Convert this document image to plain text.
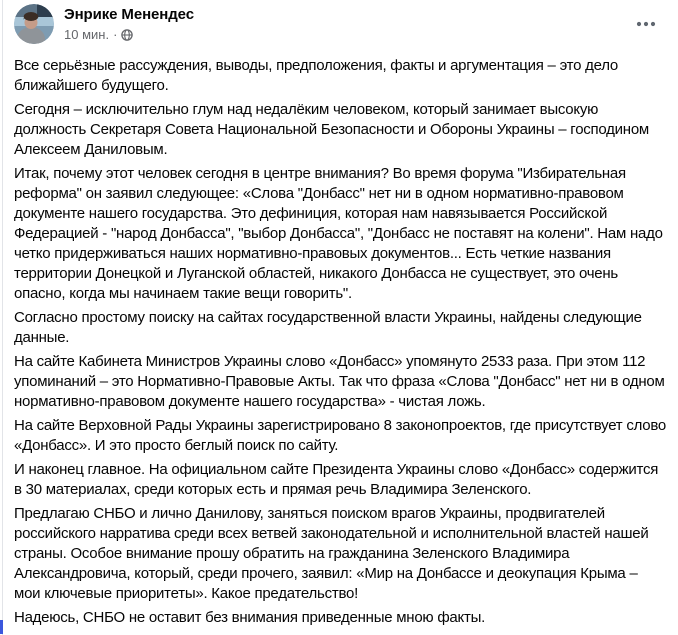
Энрике Менендес
10 мин. ·

Все серьёзные рассуждения, выводы, предположения, факты и аргументация – это дело ближайшего будущего.

Сегодня – исключительно глум над недалёким человеком, который занимает высокую должность Секретаря Совета Национальной Безопасности и Обороны Украины – господином Алексеем Даниловым.

Итак, почему этот человек сегодня в центре внимания? Во время форума "Избирательная реформа" он заявил следующее: «Слова "Донбасс" нет ни в одном нормативно-правовом документе нашего государства. Это дефиниция, которая нам навязывается Российской Федерацией - "народ Донбасса", "выбор Донбасса", "Донбасс не поставят на колени". Нам надо четко придерживаться наших нормативно-правовых документов... Есть четкие названия территории Донецкой и Луганской областей, никакого Донбасса не существует, это очень опасно, когда мы начинаем такие вещи говорить".

Согласно простому поиску на сайтах государственной власти Украины, найдены следующие данные.

На сайте Кабинета Министров Украины слово «Донбасс» упомянуто 2533 раза. При этом 112 упоминаний – это Нормативно-Правовые Акты. Так что фраза «Слова "Донбасс" нет ни в одном нормативно-правовом документе нашего государства» - чистая ложь.

На сайте Верховной Рады Украины зарегистрировано 8 законопроектов, где присутствует слово «Донбасс». И это просто беглый поиск по сайту.

И наконец главное. На официальном сайте Президента Украины слово «Донбасс» содержится в 30 материалах, среди которых есть и прямая речь Владимира Зеленского.

Предлагаю СНБО и лично Данилову, заняться поиском врагов Украины, продвигателей российского нарратива среди всех ветвей законодательной и исполнительной властей нашей страны. Особое внимание прошу обратить на гражданина Зеленского Владимира Александровича, который, среди прочего, заявил: «Мир на Донбассе и деокупация Крыма – мои ключевые приоритеты». Какое предательство!

Надеюсь, СНБО не оставит без внимания приведенные мною факты.
